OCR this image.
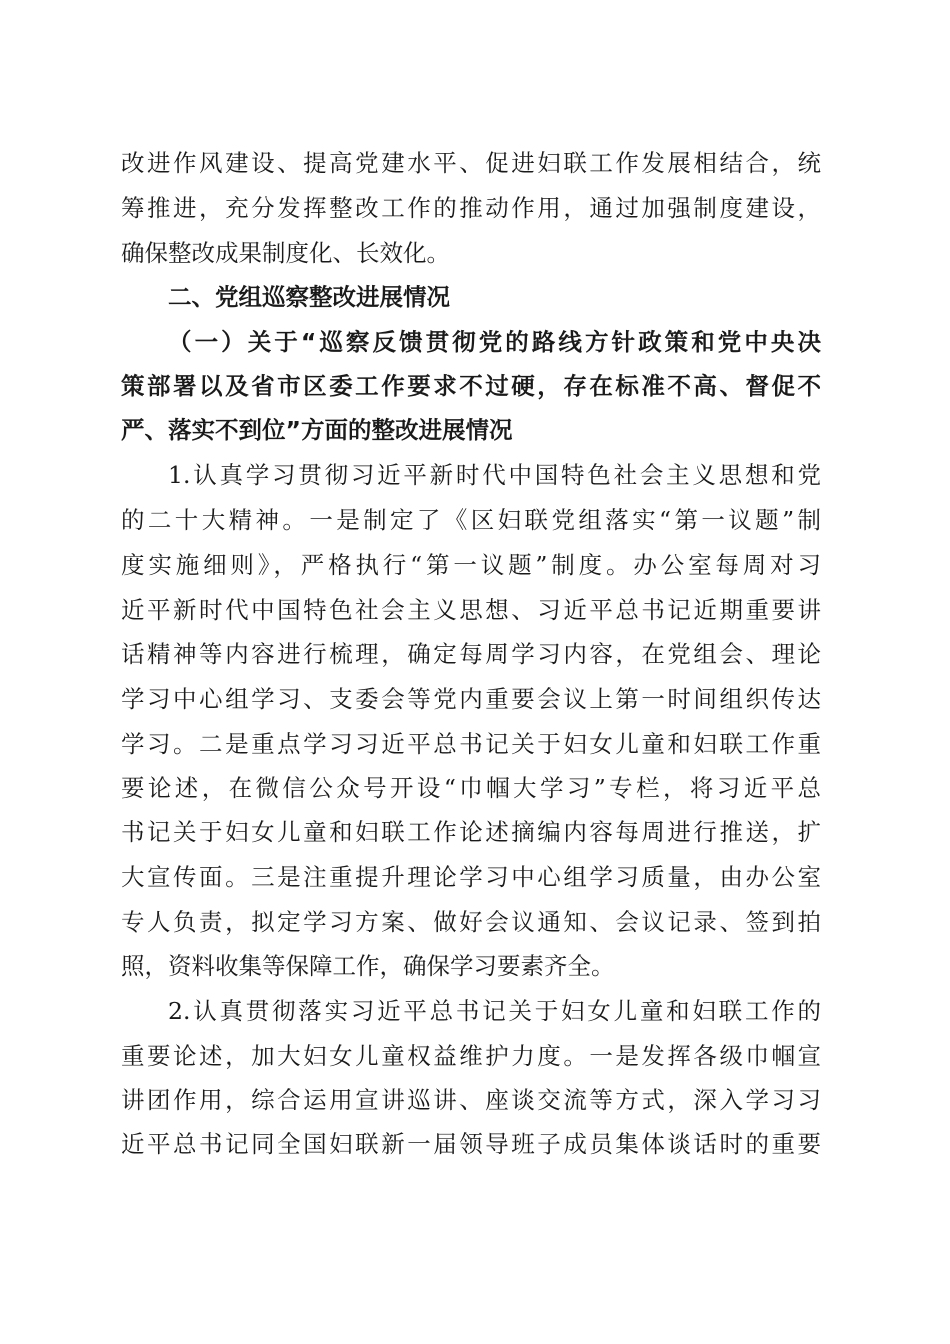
改进作风建设、提高党建水平、促进妇联工作发展相结合，统
筹推进，充分发挥整改工作的推动作用，通过加强制度建设，
确保整改成果制度化、长效化。
二、党组巡察整改进展情况
（一）关于“巡察反馈贯彻党的路线方针政策和党中央决
策部署以及省市区委工作要求不过硬，存在标准不高、督促不
严、落实不到位”方面的整改进展情况
1.认真学习贯彻习近平新时代中国特色社会主义思想和党
的二十大精神。一是制定了《区妇联党组落实“第一议题”制
度实施细则》，严格执行“第一议题”制度。办公室每周对习
近平新时代中国特色社会主义思想、习近平总书记近期重要讲
话精神等内容进行梳理，确定每周学习内容，在党组会、理论
学习中心组学习、支委会等党内重要会议上第一时间组织传达
学习。二是重点学习习近平总书记关于妇女儿童和妇联工作重
要论述，在微信公众号开设“巾帼大学习”专栏，将习近平总
书记关于妇女儿童和妇联工作论述摘编内容每周进行推送，扩
大宣传面。三是注重提升理论学习中心组学习质量，由办公室
专人负责，拟定学习方案、做好会议通知、会议记录、签到拍
照，资料收集等保障工作，确保学习要素齐全。
2.认真贯彻落实习近平总书记关于妇女儿童和妇联工作的
重要论述，加大妇女儿童权益维护力度。一是发挥各级巾帼宣
讲团作用，综合运用宣讲巡讲、座谈交流等方式，深入学习习
近平总书记同全国妇联新一届领导班子成员集体谈话时的重要
